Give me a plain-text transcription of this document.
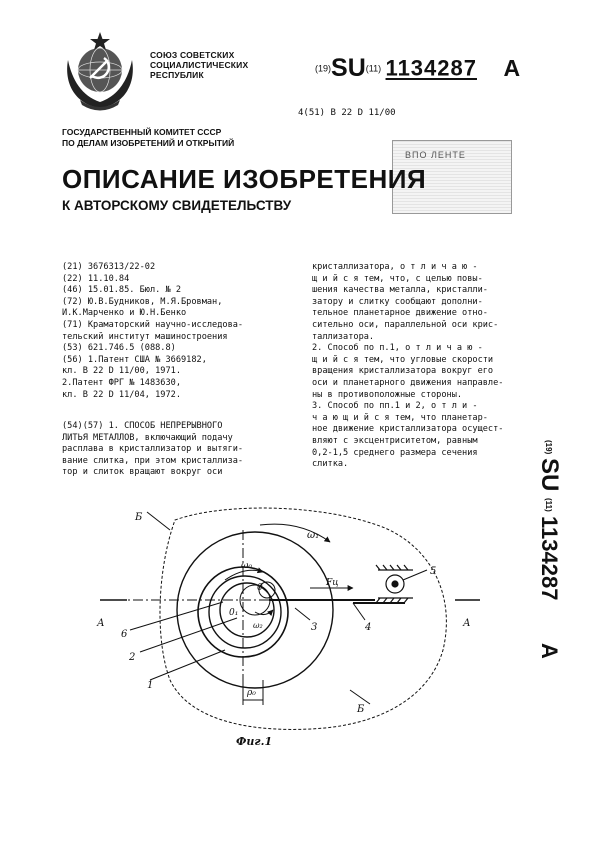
СОЮЗ СОВЕТСКИХ
СОЦИАЛИСТИЧЕСКИХ
РЕСПУБЛИК
(19)SU(11) 1134287 A
4(51) В 22 D 11/00
ГОСУДАРСТВЕННЫЙ КОМИТЕТ СССР
ПО ДЕЛАМ ИЗОБРЕТЕНИЙ И ОТКРЫТИЙ
ВПО ЛЕНТЕ
ОПИСАНИЕ ИЗОБРЕТЕНИЯ
К АВТОРСКОМУ СВИДЕТЕЛЬСТВУ
(21) 3676313/22-02
(22) 11.10.84
(46) 15.01.85. Бюл. № 2
(72) Ю.В.Будников, М.Я.Бровман,
И.К.Марченко и Ю.Н.Бенко
(71) Краматорский научно-исследова-
тельский институт машиностроения
(53) 621.746.5 (088.8)
(56) 1.Патент США № 3669182,
кл. В 22 D 11/00, 1971.
2.Патент ФРГ № 1483630,
кл. В 22 D 11/04, 1972.
(54)(57) 1. СПОСОБ НЕПРЕРЫВНОГО
ЛИТЬЯ МЕТАЛЛОВ, включающий подачу
расплава в кристаллизатор и вытяги-
вание слитка, при этом кристаллиза-
тор и слиток вращают вокруг оси
кристаллизатора, о т л и ч а ю -
щ и й с я тем, что, с целью повы-
шения качества металла, кристалли-
затору и слитку сообщают дополни-
тельное планетарное движение отно-
сительно оси, параллельной оси крис-
таллизатора.
2. Способ по п.1, о т л и ч а ю -
щ и й с я тем, что угловые скорости
вращения кристаллизатора вокруг его
оси и планетарного движения направле-
ны в противоположные стороны.
3. Способ по пп.1 и 2, о т л и -
ч а ю щ и й с я тем, что планетар-
ное движение кристаллизатора осущест-
вляют с эксцентриситетом, равным
0,2-1,5 среднего размера сечения
слитка.
(19)
SU
(11)
1134287
A
Б
Б
А	А
ω₁
ω₀
ω₂
0₁
0	Fц
ρ₀
1
2
3	4
5
6
Фиг.1
